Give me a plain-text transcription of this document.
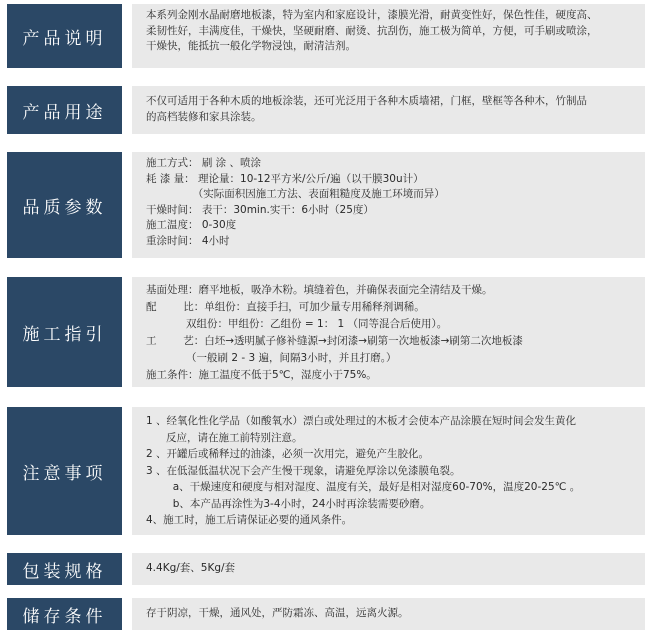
产品说明
本系列金刚水晶耐磨地板漆，特为室内和家庭设计，漆膜光滑，耐黄变性好，保色性佳，硬度高、
柔韧性好，丰满度佳，干燥快，坚硬耐磨、耐烫、抗刮伤，施工极为简单，方便，可手刷或喷涂，
干燥快，能抵抗一般化学物浸蚀，耐清洁剂。
产品用途
不仅可适用于各种木质的地板涂装，还可光泛用于各种木质墙裙，门框，壁框等各种木，竹制品
的高档装修和家具涂装。
品质参数
施工方式： 刷 涂 、喷涂
耗 漆 量： 理论量：10-12平方米/公斤/遍（以干膜30u计）
（实际面积因施工方法、表面粗糙度及施工环境而异）
干燥时间： 表干：30min.实干：6小时（25度）
施工温度： 0-30度
重涂时间： 4小时
施工指引
基面处理：磨平地板，吸净木粉。填缝着色，并确保表面完全清结及干燥。
配        比：单组份：直接手扫，可加少量专用稀释剂调稀。
双组份：甲组份：乙组份 = 1： 1 （同等混合后使用）。
工        艺：白坯→透明腻子修补缝源→封闭漆→刷第一次地板漆→刷第二次地板漆
（一般刷 2 - 3 遍，间隔3小时，并且打磨。）
施工条件：施工温度不低于5℃，湿度小于75%。
注意事项
1 、经氧化性化学品（如酸氧水）漂白或处理过的木板才会使本产品涂膜在短时间会发生黄化
反应，请在施工前特别注意。
2 、开罐后或稀释过的油漆，必须一次用完，避免产生胶化。
3 、在低湿低温状况下会产生慢干现象，请避免厚涂以免漆膜龟裂。
a、干燥速度和硬度与相对湿度、温度有关，最好是相对湿度60-70%，温度20-25℃ 。
b、本产品再涂性为3-4小时，24小时再涂装需要砂磨。
4、施工时，施工后请保证必要的通风条件。
包装规格	4.4Kg/套、5Kg/套
储存条件	存于阴凉，干燥，通风处，严防霜冻、高温，远离火源。
